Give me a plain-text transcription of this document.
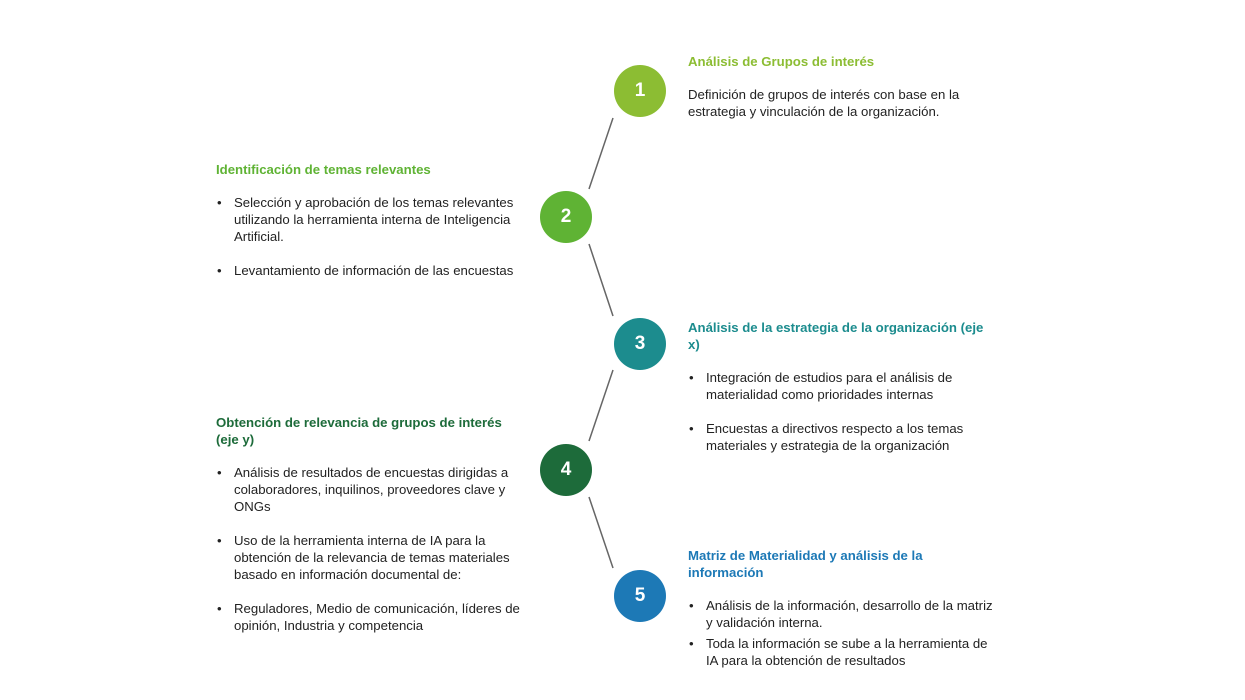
1
2
3
4
5
Análisis de Grupos de interés

Definición de grupos de interés con base en la estrategia y vinculación de la organización.

Identificación de temas relevantes
• Selección y aprobación de los temas relevantes utilizando la herramienta interna de Inteligencia Artificial.
• Levantamiento de información de las encuestas
Análisis de la estrategia de la organización (eje x)
• Integración de estudios para el análisis de materialidad como prioridades internas
• Encuestas a directivos respecto a los temas materiales y estrategia de la organización
Obtención de relevancia de grupos de interés (eje y)
• Análisis de resultados de encuestas dirigidas a colaboradores, inquilinos, proveedores clave y ONGs
• Uso de la herramienta interna de IA para la obtención de la relevancia de temas materiales basado en información documental de:
• Reguladores, Medio de comunicación, líderes de opinión, Industria y competencia
Matriz de Materialidad y análisis de la información
• Análisis de la información, desarrollo de la matriz y validación interna.
• Toda la información se sube a la herramienta de IA para la obtención de resultados
